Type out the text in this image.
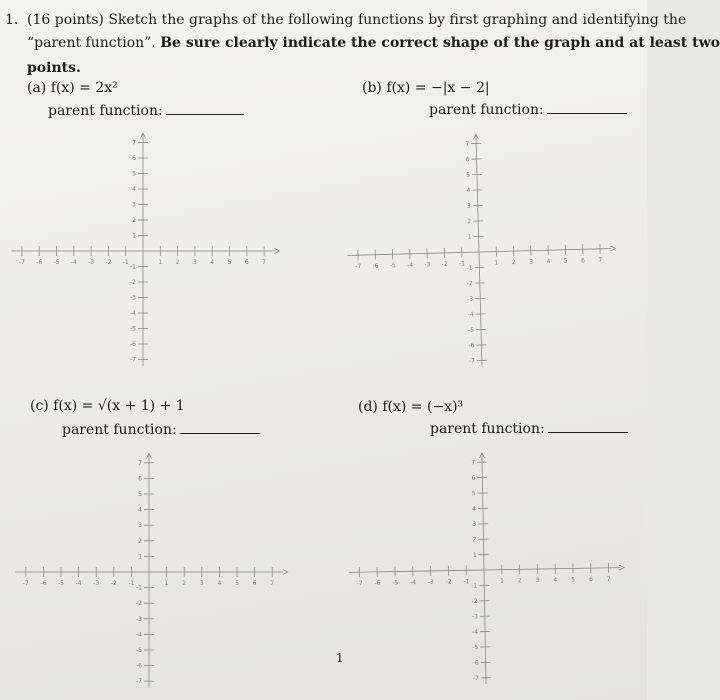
1. (16 points) Sketch the graphs of the following functions by first graphing and identifying the
“parent function”. Be sure clearly indicate the correct shape of the graph and at least two
points.
(a) f(x) = 2x²
parent function:
(b) f(x) = −|x − 2|
parent function:
(c) f(x) = √(x + 1) + 1
parent function:
(d) f(x) = (−x)³
parent function:
-7 -6 -5 -4 -3 -2 -1	1 2 3 4 5 6 7
7
6
5
4
3
2
1
-1
-2
-3
-4
-5
-6
-7
-7 -6 -5 -4 -3 -2 -1	1 2 3 4 5 6 7
7
6
5
4
3
2
1
-1
-2
-3
-4
-5
-6
-7
-7 -6 -5 -4 -3 -2 -1	1 2 3 4 5 6 7
7
6
5
4
3
2
1
-1
-2
-3
-4
-5
-6
-7
-7 -6 -5 -4 -3 -2 -1	1 2 3 4 5 6 7
7
6
5
4
3
2
1
-1
-2
-3
-4
-5
-6
-7
1
